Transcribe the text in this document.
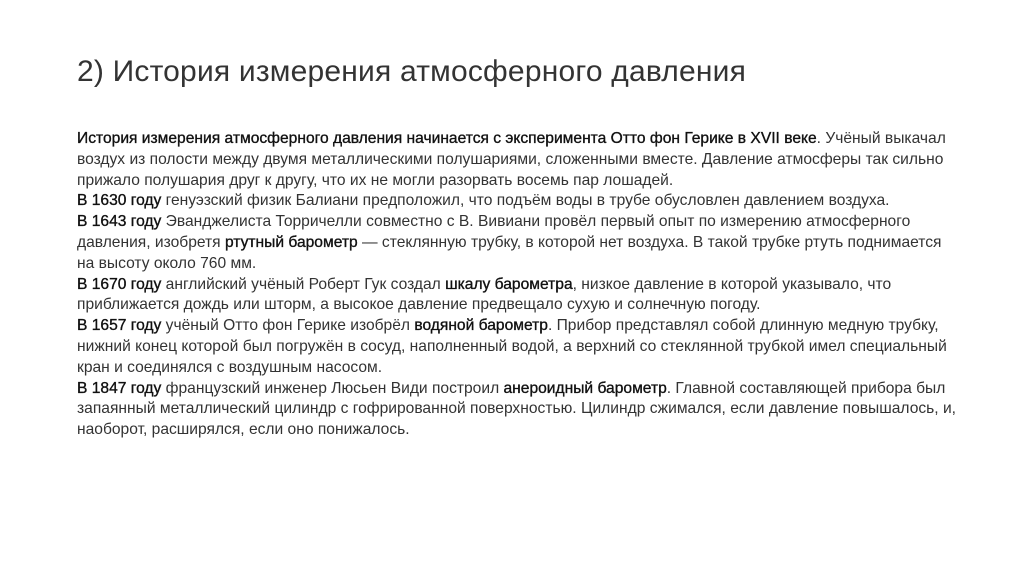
2) История измерения атмосферного давления

История измерения атмосферного давления начинается с эксперимента Отто фон Герике в XVII веке. Учёный выкачал воздух из полости между двумя металлическими полушариями, сложенными вместе. Давление атмосферы так сильно прижало полушария друг к другу, что их не могли разорвать восемь пар лошадей.

В 1630 году генуэзский физик Балиани предположил, что подъём воды в трубе обусловлен давлением воздуха.

В 1643 году Эванджелиста Торричелли совместно с В. Вивиани провёл первый опыт по измерению атмосферного давления, изобретя ртутный барометр — стеклянную трубку, в которой нет воздуха. В такой трубке ртуть поднимается на высоту около 760 мм.

В 1670 году английский учёный Роберт Гук создал шкалу барометра, низкое давление в которой указывало, что приближается дождь или шторм, а высокое давление предвещало сухую и солнечную погоду.

В 1657 году учёный Отто фон Герике изобрёл водяной барометр. Прибор представлял собой длинную медную трубку, нижний конец которой был погружён в сосуд, наполненный водой, а верхний со стеклянной трубкой имел специальный кран и соединялся с воздушным насосом.

В 1847 году французский инженер Люсьен Види построил анероидный барометр. Главной составляющей прибора был запаянный металлический цилиндр с гофрированной поверхностью. Цилиндр сжимался, если давление повышалось, и, наоборот, расширялся, если оно понижалось.
